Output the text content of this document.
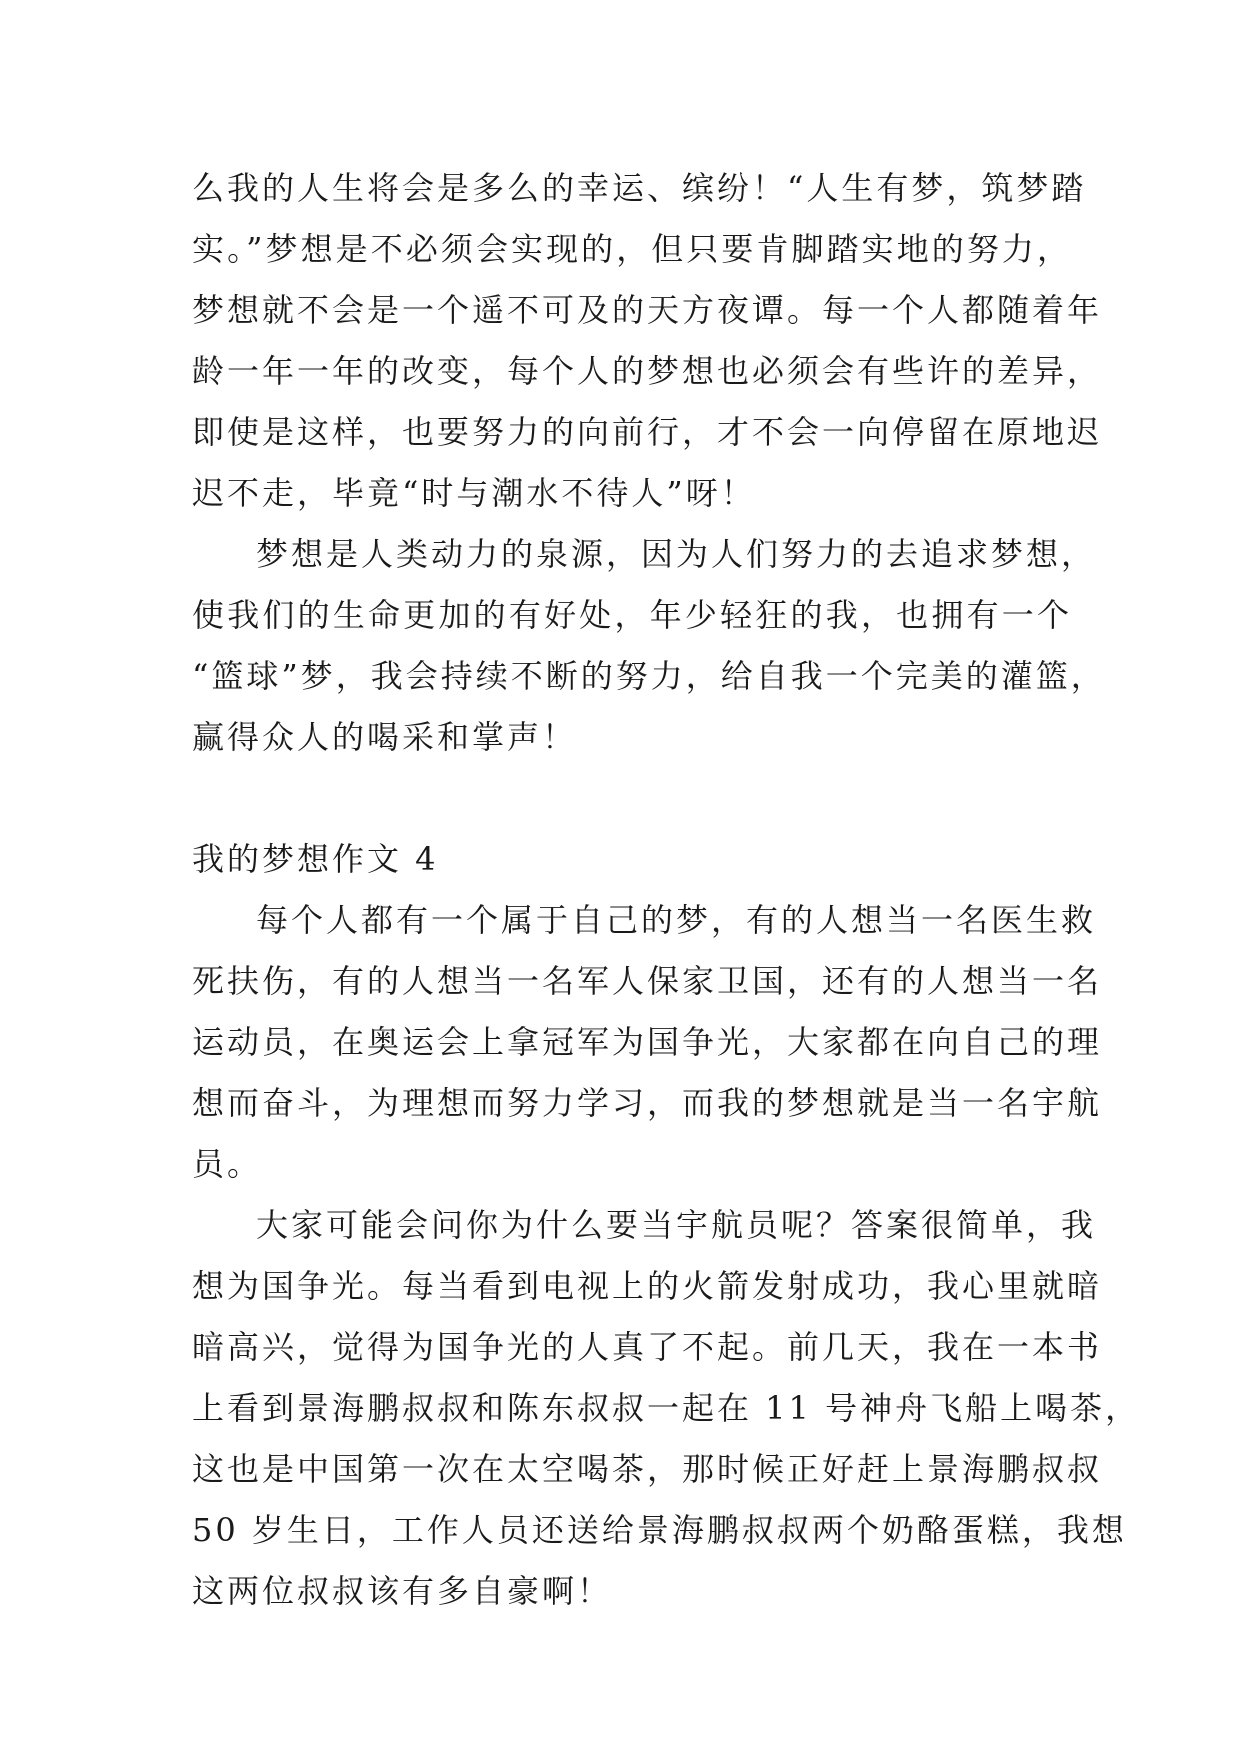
么我的人生将会是多么的幸运、缤纷！“人生有梦，筑梦踏
实。”梦想是不必须会实现的，但只要肯脚踏实地的努力，
梦想就不会是一个遥不可及的天方夜谭。每一个人都随着年
龄一年一年的改变，每个人的梦想也必须会有些许的差异，
即使是这样，也要努力的向前行，才不会一向停留在原地迟
迟不走，毕竟“时与潮水不待人”呀！
梦想是人类动力的泉源，因为人们努力的去追求梦想，
使我们的生命更加的有好处，年少轻狂的我，也拥有一个
“篮球”梦，我会持续不断的努力，给自我一个完美的灌篮，
赢得众人的喝采和掌声！
我的梦想作文 4
每个人都有一个属于自己的梦，有的人想当一名医生救
死扶伤，有的人想当一名军人保家卫国，还有的人想当一名
运动员，在奥运会上拿冠军为国争光，大家都在向自己的理
想而奋斗，为理想而努力学习，而我的梦想就是当一名宇航
员。
大家可能会问你为什么要当宇航员呢？答案很简单，我
想为国争光。每当看到电视上的火箭发射成功，我心里就暗
暗高兴，觉得为国争光的人真了不起。前几天，我在一本书
上看到景海鹏叔叔和陈东叔叔一起在 11 号神舟飞船上喝茶，
这也是中国第一次在太空喝茶，那时候正好赶上景海鹏叔叔
50 岁生日，工作人员还送给景海鹏叔叔两个奶酪蛋糕，我想
这两位叔叔该有多自豪啊！
